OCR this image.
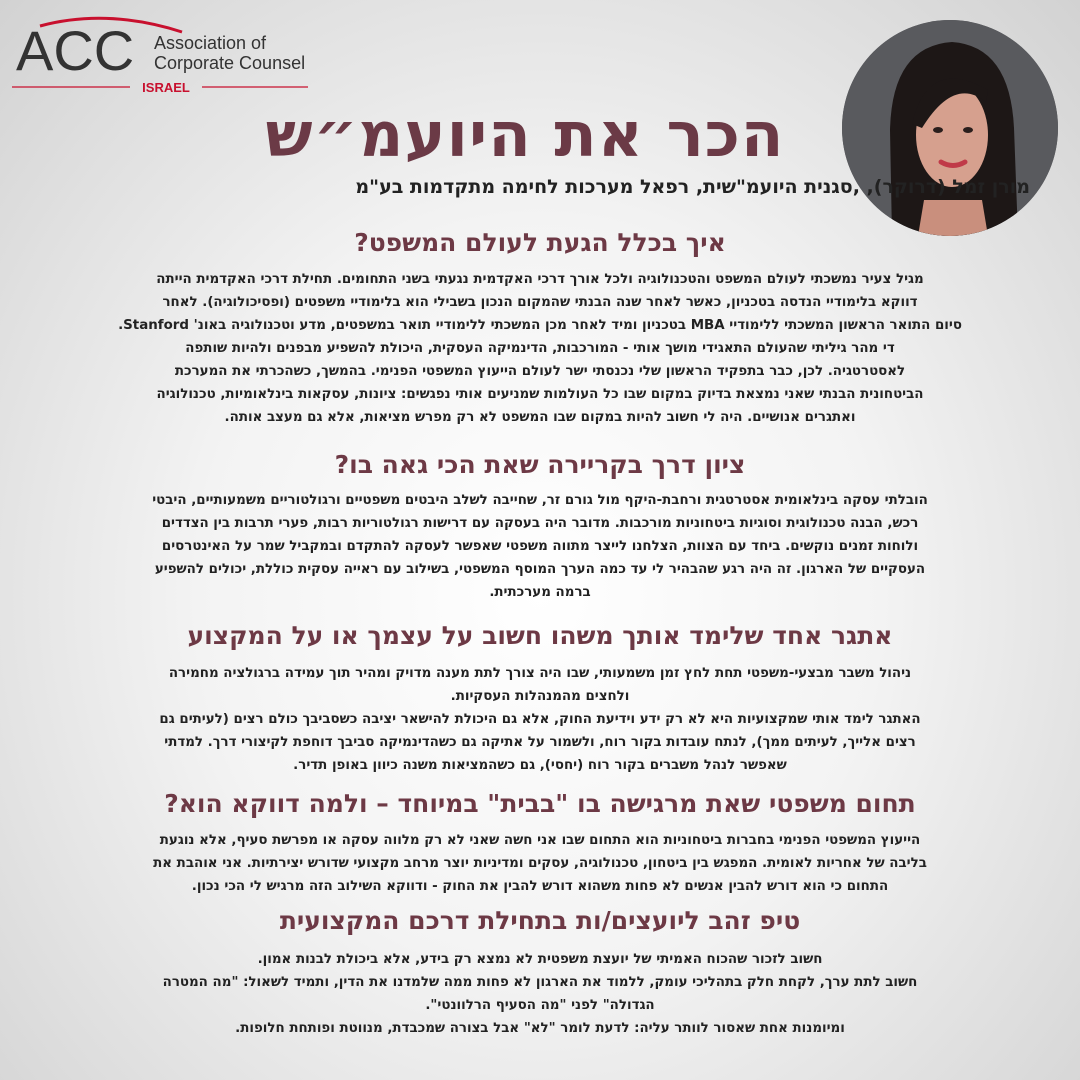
ACC Association of
Corporate Counsel
ISRAEL
הכר את היועמ״ש

מורן זמל (דרוקר), ,סגנית היועמ"שית, רפאל מערכות לחימה מתקדמות בע"מ

איך בכלל הגעת לעולם המשפט?
מגיל צעיר נמשכתי לעולם המשפט והטכנולוגיה ולכל אורך דרכי האקדמית נגעתי בשני התחומים. תחילת דרכי האקדמית הייתה
דווקא בלימודיי הנדסה בטכניון, כאשר לאחר שנה הבנתי שהמקום הנכון בשבילי הוא בלימודיי משפטים (ופסיכולוגיה). לאחר
סיום התואר הראשון המשכתי ללימודיי MBA בטכניון ומיד לאחר מכן המשכתי ללימודיי תואר במשפטים, מדע וטכנולוגיה באונ' Stanford.
די מהר גיליתי שהעולם התאגידי מושך אותי - המורכבות, הדינמיקה העסקית, היכולת להשפיע מבפנים ולהיות שותפה
לאסטרטגיה. לכן, כבר בתפקיד הראשון שלי נכנסתי ישר לעולם הייעוץ המשפטי הפנימי. בהמשך, כשהכרתי את המערכת
הביטחונית הבנתי שאני נמצאת בדיוק במקום שבו כל העולמות שמניעים אותי נפגשים: ציונות, עסקאות בינלאומיות, טכנולוגיה
ואתגרים אנושיים. היה לי חשוב להיות במקום שבו המשפט לא רק מפרש מציאות, אלא גם מעצב אותה.
ציון דרך בקריירה שאת הכי גאה בו?
הובלתי עסקה בינלאומית אסטרטגית ורחבת-היקף מול גורם זר, שחייבה לשלב היבטים משפטיים ורגולטוריים משמעותיים, היבטי
רכש, הבנה טכנולוגית וסוגיות ביטחוניות מורכבות. מדובר היה בעסקה עם דרישות רגולטוריות רבות, פערי תרבות בין הצדדים
ולוחות זמנים נוקשים. ביחד עם הצוות, הצלחנו לייצר מתווה משפטי שאפשר לעסקה להתקדם ובמקביל שמר על האינטרסים
העסקיים של הארגון. זה היה רגע שהבהיר לי עד כמה הערך המוסף המשפטי, בשילוב עם ראייה עסקית כוללת, יכולים להשפיע
ברמה מערכתית.
אתגר אחד שלימד אותך משהו חשוב על עצמך או על המקצוע
ניהול משבר מבצעי-משפטי תחת לחץ זמן משמעותי, שבו היה צורך לתת מענה מדויק ומהיר תוך עמידה ברגולציה מחמירה
ולחצים מהמנהלות העסקיות.
האתגר לימד אותי שמקצועיות היא לא רק ידע וידיעת החוק, אלא גם היכולת להישאר יציבה כשסביבך כולם רצים (לעיתים גם
רצים אלייך, לעיתים ממך), לנתח עובדות בקור רוח, ולשמור על אתיקה גם כשהדינמיקה סביבך דוחפת לקיצורי דרך. למדתי
שאפשר לנהל משברים בקור רוח (יחסי), גם כשהמציאות משנה כיוון באופן תדיר.
תחום משפטי שאת מרגישה בו "בבית" במיוחד – ולמה דווקא הוא?
הייעוץ המשפטי הפנימי בחברות ביטחוניות הוא התחום שבו אני חשה שאני לא רק מלווה עסקה או מפרשת סעיף, אלא נוגעת
בליבה של אחריות לאומית. המפגש בין ביטחון, טכנולוגיה, עסקים ומדיניות יוצר מרחב מקצועי שדורש יצירתיות. אני אוהבת את
התחום כי הוא דורש להבין אנשים לא פחות משהוא דורש להבין את החוק - ודווקא השילוב הזה מרגיש לי הכי נכון.
טיפ זהב ליועצים/ות בתחילת דרכם המקצועית
חשוב לזכור שהכוח האמיתי של יועצת משפטית לא נמצא רק בידע, אלא ביכולת לבנות אמון.
חשוב לתת ערך, לקחת חלק בתהליכי עומק, ללמוד את הארגון לא פחות ממה שלמדנו את הדין, ותמיד לשאול: "מה המטרה
הגדולה" לפני "מה הסעיף הרלוונטי".
ומיומנות אחת שאסור לוותר עליה: לדעת לומר "לא" אבל בצורה שמכבדת, מנווטת ופותחת חלופות.
